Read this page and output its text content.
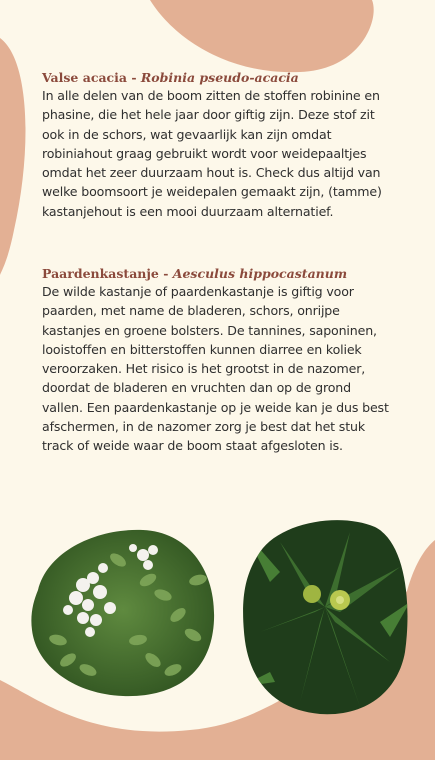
Valse acacia - Robinia pseudo-acacia

In alle delen van de boom zitten de stoffen robinine en phasine, die het hele jaar door giftig zijn. Deze stof zit ook in de schors, wat gevaarlijk kan zijn omdat robiniahout graag gebruikt wordt voor weidepaaltjes omdat het zeer duurzaam hout is. Check dus altijd van welke boomsoort je weidepalen gemaakt zijn, (tamme) kastanjehout is een mooi duurzaam alternatief.

Paardenkastanje - Aesculus hippocastanum

De wilde kastanje of paardenkastanje is giftig voor paarden, met name de bladeren, schors, onrijpe kastanjes en groene bolsters. De tannines, saponinen, looistoffen en bitterstoffen kunnen diarree en koliek veroorzaken. Het risico is het grootst in de nazomer, doordat de bladeren en vruchten dan op de grond vallen. Een paardenkastanje op je weide kan je dus best afschermen, in de nazomer zorg je best dat het stuk track of weide waar de boom staat afgesloten is.
